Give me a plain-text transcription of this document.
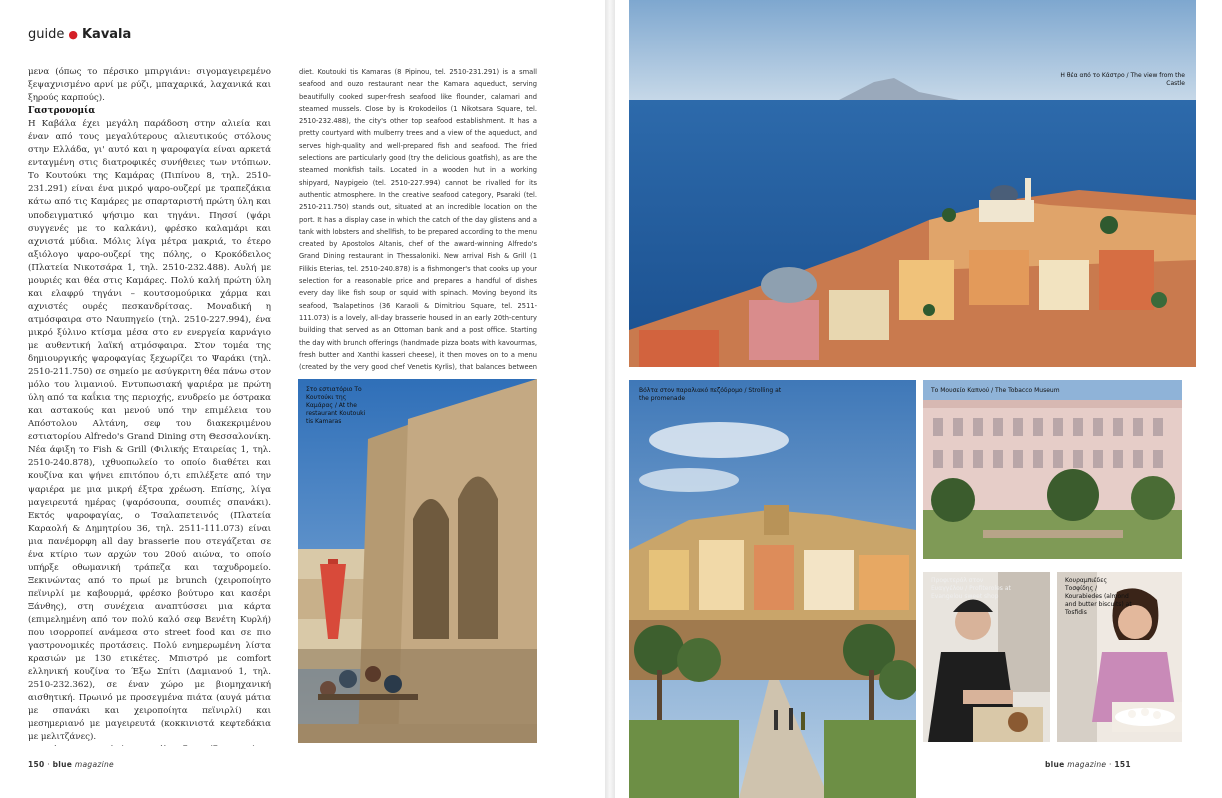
guide ● Kavala

μενα (όπως το πέρσικο μπιργιάνι: σιγομαγειρεμένο ξεψαχνισμένο αρνί με ρύζι, μπαχαρικά, λαχανικά και ξηρούς καρπούς).

Γαστρονομία

Η Καβάλα έχει μεγάλη παράδοση στην αλιεία και έναν από τους μεγαλύτερους αλιευτικούς στόλους στην Ελλάδα, γι' αυτό και η ψαροφαγία είναι αρκετά ενταγμένη στις διατροφικές συνήθειες των ντόπιων. Το Κουτούκι της Καμάρας (Πιπίνου 8, τηλ. 2510-231.291) είναι ένα μικρό ψαρο-ουζερί με τραπεζάκια κάτω από τις Καμάρες με σπαρταριστή πρώτη ύλη και υποδειγματικό ψήσιμο και τηγάνι. Πησσί (ψάρι συγγενές με το καλκάνι), φρέσκο καλαμάρι και αχνιστά μύδια. Μόλις λίγα μέτρα μακριά, το έτερο αξιόλογο ψαρο-ουζερί της πόλης, ο Κροκόδειλος (Πλατεία Νικοτσάρα 1, τηλ. 2510-232.488). Αυλή με μουριές και θέα στις Καμάρες. Πολύ καλή πρώτη ύλη και ελαφρύ τηγάνι – κουτσομούρικα χάρμα και αχνιστές ουρές πεσκανδρίτσας. Μοναδική η ατμόσφαιρα στο Ναυπηγείο (τηλ. 2510-227.994), ένα μικρό ξύλινο κτίσμα μέσα στο εν ενεργεία καρνάγιο με αυθεντική λαϊκή ατμόσφαιρα. Στον τομέα της δημιουργικής ψαροφαγίας ξεχωρίζει το Ψαράκι (τηλ. 2510-211.750) σε σημείο με ασύγκριτη θέα πάνω στον μόλο του λιμανιού. Εντυπωσιακή ψαριέρα με πρώτη ύλη από τα καΐκια της περιοχής, ενυδρείο με όστρακα και αστακούς και μενού υπό την επιμέλεια του Απόστολου Αλτάνη, σεφ του διακεκριμένου εστιατορίου Alfredo's Grand Dining στη Θεσσαλονίκη. Νέα άφιξη το Fish & Grill (Φιλικής Εταιρείας 1, τηλ. 2510-240.878), ιχθυοπωλείο το οποίο διαθέτει και κουζίνα και ψήνει επιτόπου ό,τι επιλέξετε από την ψαριέρα με μια μικρή έξτρα χρέωση. Επίσης, λίγα μαγειρευτά ημέρας (ψαρόσουπα, σουπιές σπανάκι). Εκτός ψαροφαγίας, ο Τσαλαπετεινός (Πλατεία Καραολή & Δημητρίου 36, τηλ. 2511-111.073) είναι μια πανέμορφη all day brasserie που στεγάζεται σε ένα κτίριο των αρχών του 20ού αιώνα, το οποίο υπήρξε οθωμανική τράπεζα και ταχυδρομείο. Ξεκινώντας από το πρωί με brunch (χειροποίητο πεϊνιρλί με καβουρμά, φρέσκο βούτυρο και κασέρι Ξάνθης), στη συνέχεια αναπτύσσει μια κάρτα (επιμελημένη από τον πολύ καλό σεφ Βενέτη Κυρλή) που ισορροπεί ανάμεσα στο street food και σε πιο γαστρονομικές προτάσεις. Πολύ ενημερωμένη λίστα κρασιών με 130 ετικέτες. Μπιστρό με comfort ελληνική κουζίνα το Έξω Σπίτι (Δαμιανού 1, τηλ. 2510-232.362), σε έναν χώρο με βιομηχανική αισθητική. Πρωινό με προσεγμένα πιάτα (αυγά μάτια με σπανάκι και χειροποίητα πεϊνιρλί) και μεσημεριανό με μαγειρευτά (κοκκινιστά κεφτεδάκια με μελιτζάνες).

diet. Koutouki tis Kamaras (8 Pipinou, tel. 2510-231.291) is a small seafood and ouzo restaurant near the Kamara aqueduct, serving beautifully cooked super-fresh seafood like flounder, calamari and steamed mussels. Close by is Krokodeilos (1 Nikotsara Square, tel. 2510-232.488), the city's other top seafood establishment. It has a pretty courtyard with mulberry trees and a view of the aqueduct, and serves high-quality and well-prepared fish and seafood. The fried selections are particularly good (try the delicious goatfish), as are the steamed monkfish tails. Located in a wooden hut in a working shipyard, Naypigeio (tel. 2510-227.994) cannot be rivalled for its authentic atmosphere. In the creative seafood category, Psaraki (tel. 2510-211.750) stands out, situated at an incredible location on the port. It has a display case in which the catch of the day glistens and a tank with lobsters and shellfish, to be prepared according to the menu created by Apostolos Altanis, chef of the award-winning Alfredo's Grand Dining restaurant in Thessaloniki. New arrival Fish & Grill (1 Filikis Eterias, tel. 2510-240.878) is a fishmonger's that cooks up your selection for a reasonable price and prepares a handful of dishes every day like fish soup or squid with spinach. Moving beyond its seafood, Tsalapetinos (36 Karaoli & Dimitriou Square, tel. 2511-111.073) is a lovely, all-day brasserie housed in an early 20th-century building that served as an Ottoman bank and a post office. Starting the day with brunch offerings (handmade pizza boats with kavourmas, fresh butter and Xanthi kasseri cheese), it then moves on to a menu (created by the very good chef Venetis Kyrlis), that balances between

Στο εστιατόριο Το Κουτούκι της Καμάρας / At the restaurant Koutouki tis Kamaras
150 · blue magazine
Η θέα από το Κάστρο / The view from the Castle
Βόλτα στον παραλιακό πεζόδρομο / Strolling at the promenade
Το Μουσείο Καπνού / The Tobacco Museum
Προφιτερόλ στον Ευαγγέλου / Profiteroles at Evangelou sweet shop
Κουραμπιέδες Τοσφίδης / Kourabiedes (almond and butter biscuits) at Tosfidis
blue magazine · 151
